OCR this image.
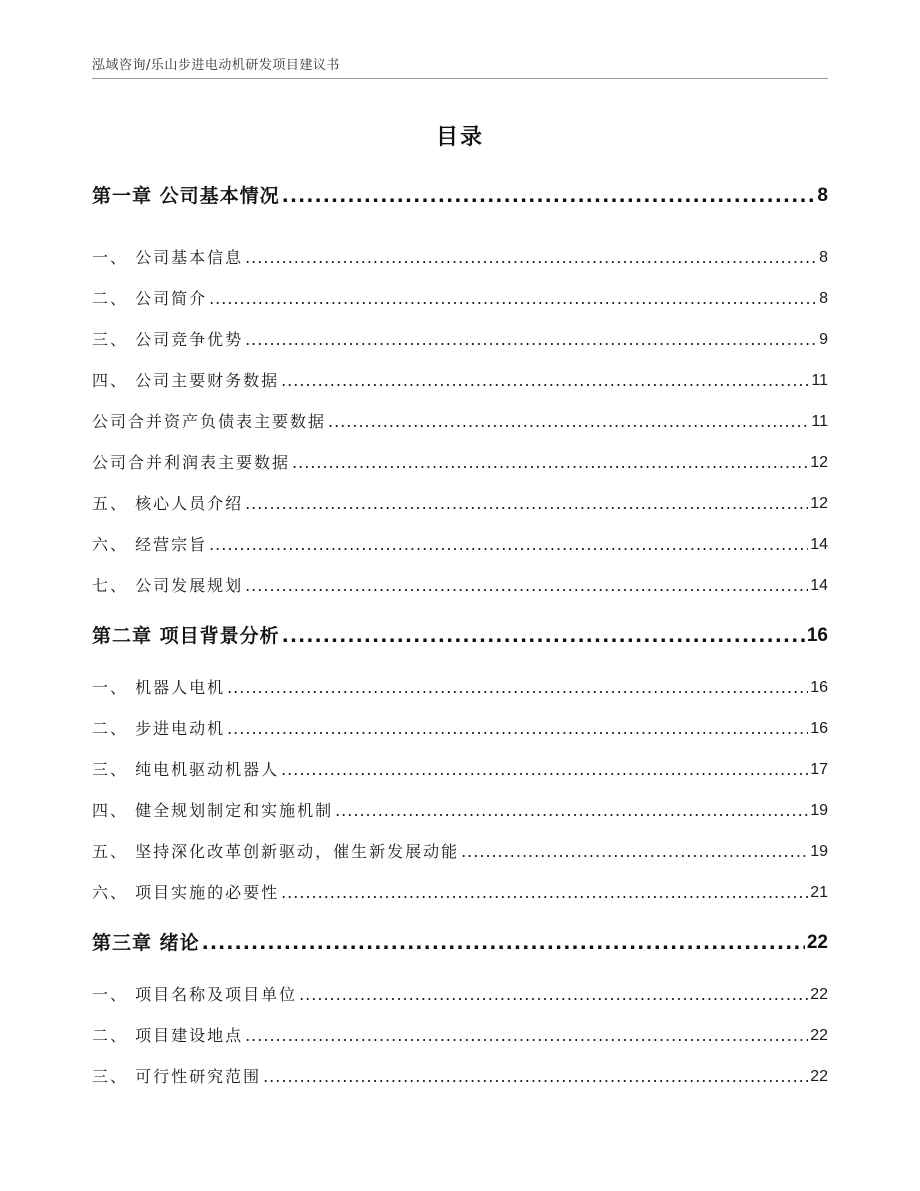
泓域咨询/乐山步进电动机研发项目建议书
目录
第一章 公司基本情况 .....	8
一、 公司基本信息 .....	8
二、 公司简介 .....	8
三、 公司竞争优势 .....	9
四、 公司主要财务数据 .....	11
公司合并资产负债表主要数据 .....	11
公司合并利润表主要数据 .....	12
五、 核心人员介绍 .....	12
六、 经营宗旨 .....	14
七、 公司发展规划 .....	14
第二章 项目背景分析 .....	16
一、 机器人电机 .....	16
二、 步进电动机 .....	16
三、 纯电机驱动机器人 .....	17
四、 健全规划制定和实施机制 .....	19
五、 坚持深化改革创新驱动，催生新发展动能 .....	19
六、 项目实施的必要性 .....	21
第三章 绪论 .....	22
一、 项目名称及项目单位 .....	22
二、 项目建设地点 .....	22
三、 可行性研究范围 .....	22
